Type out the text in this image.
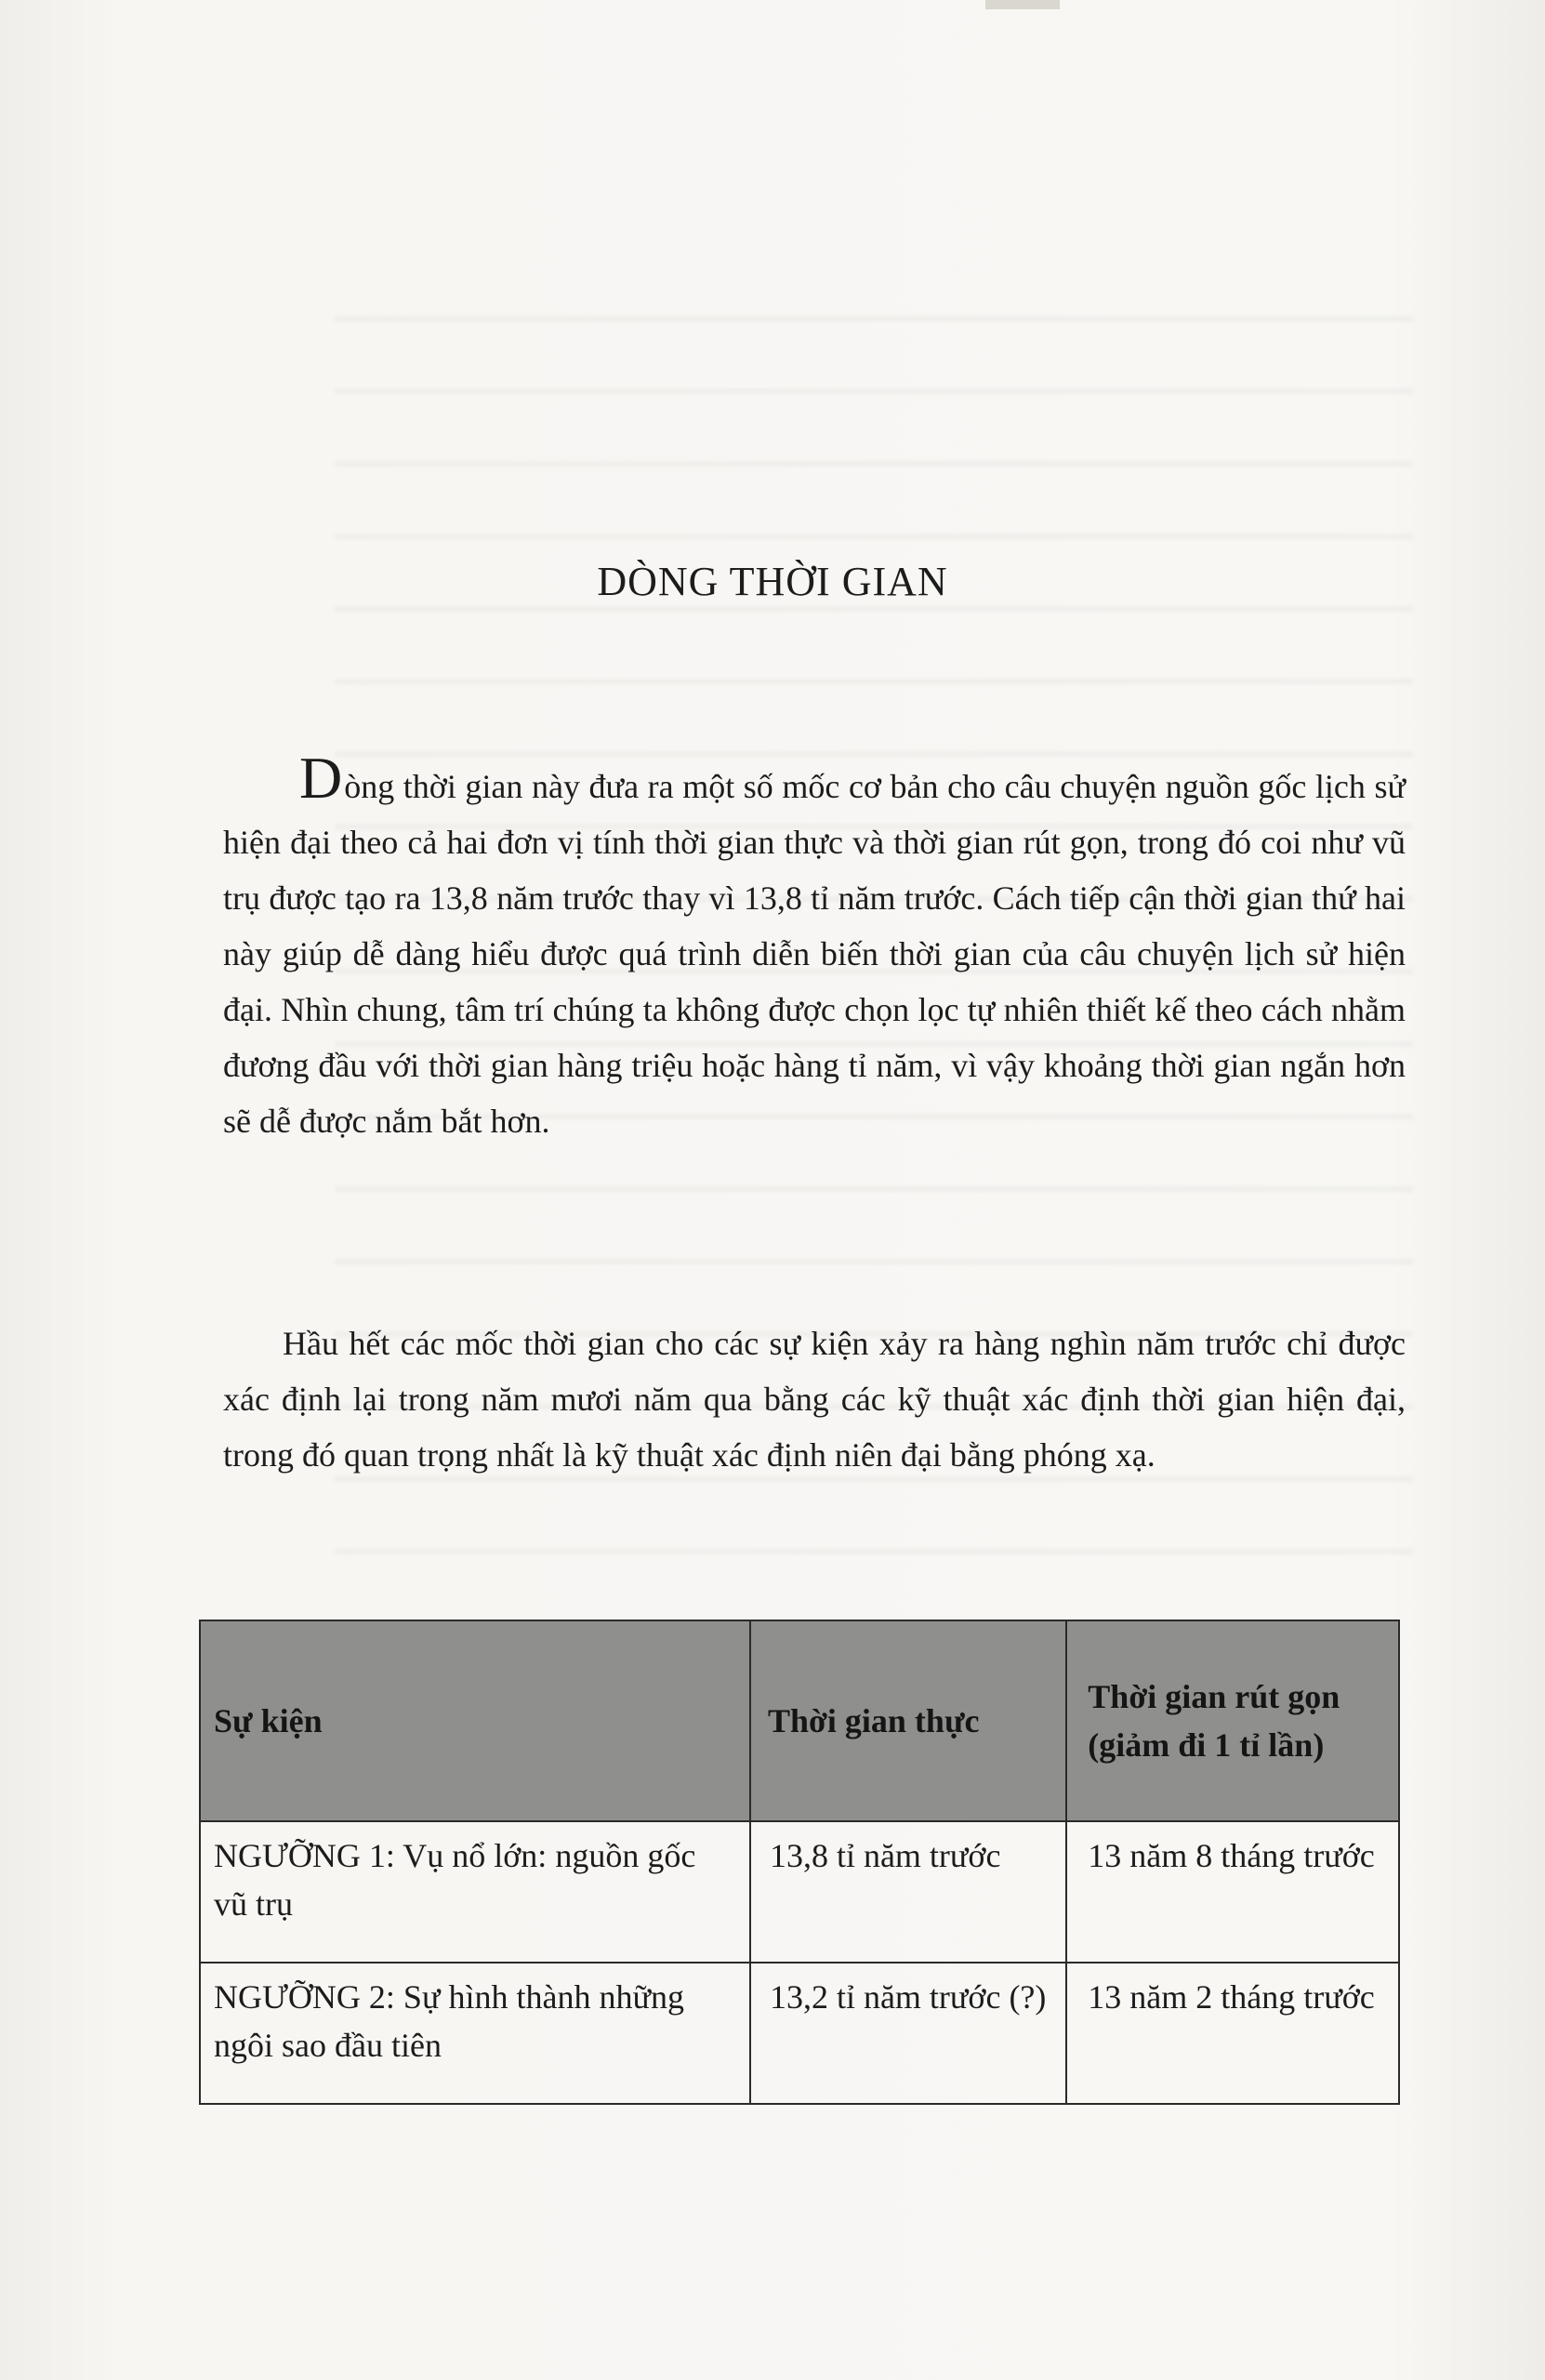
DÒNG THỜI GIAN

Dòng thời gian này đưa ra một số mốc cơ bản cho câu chuyện nguồn gốc lịch sử hiện đại theo cả hai đơn vị tính thời gian thực và thời gian rút gọn, trong đó coi như vũ trụ được tạo ra 13,8 năm trước thay vì 13,8 tỉ năm trước. Cách tiếp cận thời gian thứ hai này giúp dễ dàng hiểu được quá trình diễn biến thời gian của câu chuyện lịch sử hiện đại. Nhìn chung, tâm trí chúng ta không được chọn lọc tự nhiên thiết kế theo cách nhằm đương đầu với thời gian hàng triệu hoặc hàng tỉ năm, vì vậy khoảng thời gian ngắn hơn sẽ dễ được nắm bắt hơn.

Hầu hết các mốc thời gian cho các sự kiện xảy ra hàng nghìn năm trước chỉ được xác định lại trong năm mươi năm qua bằng các kỹ thuật xác định thời gian hiện đại, trong đó quan trọng nhất là kỹ thuật xác định niên đại bằng phóng xạ.

Sự kiện	Thời gian thực	Thời gian rút gọn (giảm đi 1 tỉ lần)
NGƯỠNG 1: Vụ nổ lớn: nguồn gốc vũ trụ	13,8 tỉ năm trước	13 năm 8 tháng trước
NGƯỠNG 2: Sự hình thành những ngôi sao đầu tiên	13,2 tỉ năm trước (?)	13 năm 2 tháng trước
